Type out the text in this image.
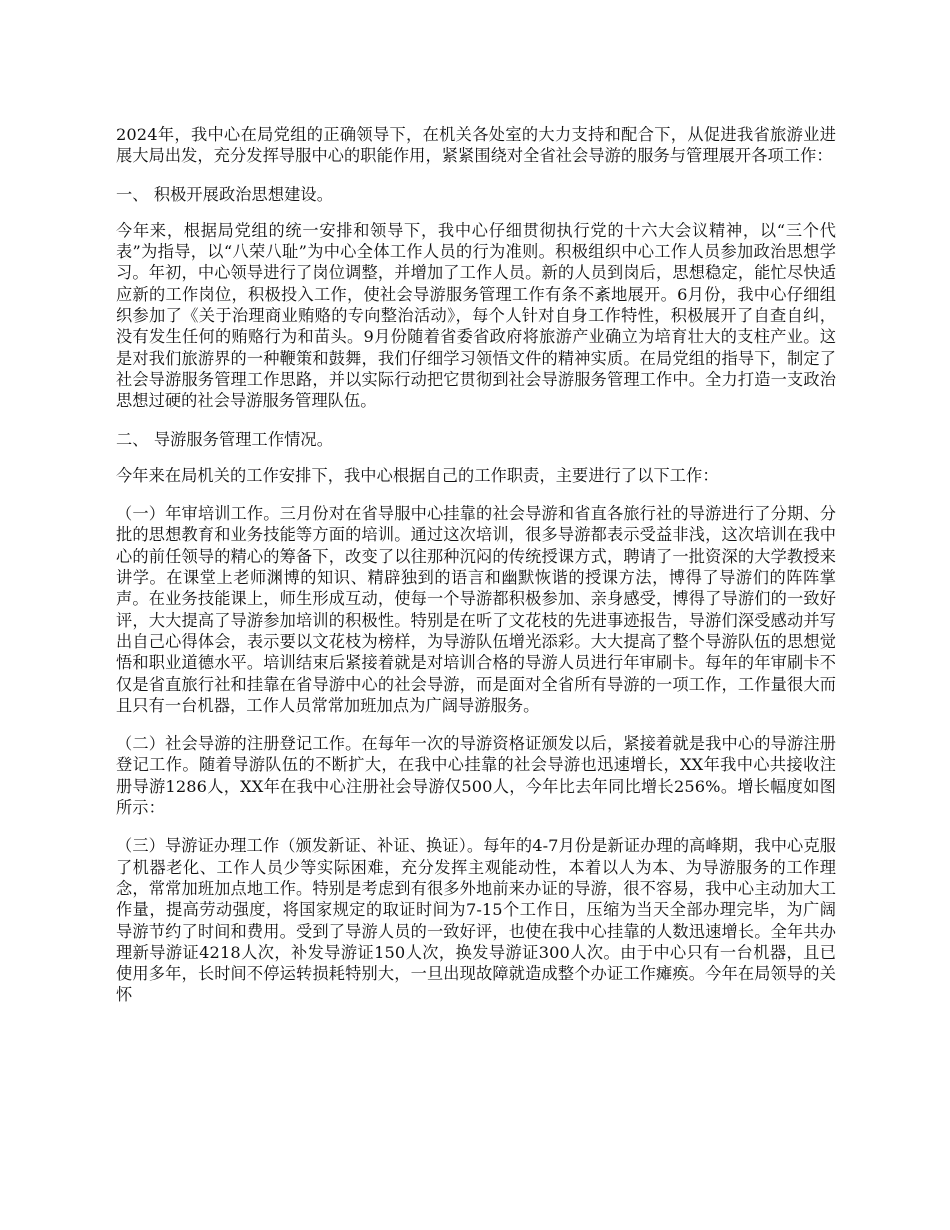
2024年，我中心在局党组的正确领导下，在机关各处室的大力支持和配合下，从促进我省旅游业进展大局出发，充分发挥导服中心的职能作用，紧紧围绕对全省社会导游的服务与管理展开各项工作：

一、 积极开展政治思想建设。

今年来，根据局党组的统一安排和领导下，我中心仔细贯彻执行党的十六大会议精神，以“三个代表”为指导，以“八荣八耻”为中心全体工作人员的行为准则。积极组织中心工作人员参加政治思想学习。年初，中心领导进行了岗位调整，并增加了工作人员。新的人员到岗后，思想稳定，能忙尽快适应新的工作岗位，积极投入工作，使社会导游服务管理工作有条不紊地展开。6月份，我中心仔细组织参加了《关于治理商业贿赂的专向整治活动》，每个人针对自身工作特性，积极展开了自查自纠，没有发生任何的贿赂行为和苗头。9月份随着省委省政府将旅游产业确立为培育壮大的支柱产业。这是对我们旅游界的一种鞭策和鼓舞，我们仔细学习领悟文件的精神实质。在局党组的指导下，制定了社会导游服务管理工作思路，并以实际行动把它贯彻到社会导游服务管理工作中。全力打造一支政治思想过硬的社会导游服务管理队伍。

二、 导游服务管理工作情况。

今年来在局机关的工作安排下，我中心根据自己的工作职责，主要进行了以下工作：

（一）年审培训工作。三月份对在省导服中心挂靠的社会导游和省直各旅行社的导游进行了分期、分批的思想教育和业务技能等方面的培训。通过这次培训，很多导游都表示受益非浅，这次培训在我中心的前任领导的精心的筹备下，改变了以往那种沉闷的传统授课方式，聘请了一批资深的大学教授来讲学。在课堂上老师渊博的知识、精辟独到的语言和幽默恢谐的授课方法，博得了导游们的阵阵掌声。在业务技能课上，师生形成互动，使每一个导游都积极参加、亲身感受，博得了导游们的一致好评，大大提高了导游参加培训的积极性。特别是在听了文花枝的先进事迹报告，导游们深受感动并写出自己心得体会，表示要以文花枝为榜样，为导游队伍增光添彩。大大提高了整个导游队伍的思想觉悟和职业道德水平。培训结束后紧接着就是对培训合格的导游人员进行年审刷卡。每年的年审刷卡不仅是省直旅行社和挂靠在省导游中心的社会导游，而是面对全省所有导游的一项工作，工作量很大而且只有一台机器，工作人员常常加班加点为广阔导游服务。

（二）社会导游的注册登记工作。在每年一次的导游资格证颁发以后，紧接着就是我中心的导游注册登记工作。随着导游队伍的不断扩大，在我中心挂靠的社会导游也迅速增长，XX年我中心共接收注册导游1286人，XX年在我中心注册社会导游仅500人，今年比去年同比增长256%。增长幅度如图所示：

（三）导游证办理工作（颁发新证、补证、换证）。每年的4-7月份是新证办理的高峰期，我中心克服了机器老化、工作人员少等实际困难，充分发挥主观能动性，本着以人为本、为导游服务的工作理念，常常加班加点地工作。特别是考虑到有很多外地前来办证的导游，很不容易，我中心主动加大工作量，提高劳动强度，将国家规定的取证时间为7-15个工作日，压缩为当天全部办理完毕，为广阔导游节约了时间和费用。受到了导游人员的一致好评，也使在我中心挂靠的人数迅速增长。全年共办理新导游证4218人次，补发导游证150人次，换发导游证300人次。由于中心只有一台机器，且已使用多年，长时间不停运转损耗特别大，一旦出现故障就造成整个办证工作瘫痪。今年在局领导的关怀
